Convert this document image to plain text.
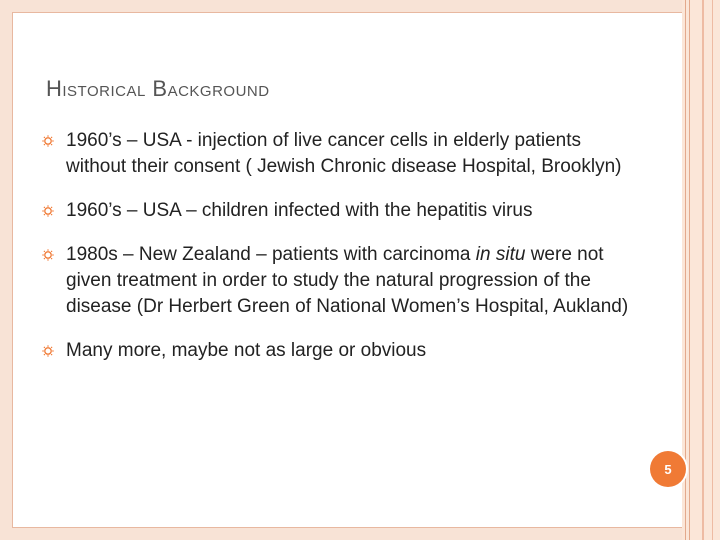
Historical Background
1960’s – USA - injection of live cancer cells in elderly patients without their consent ( Jewish Chronic disease Hospital, Brooklyn)
1960’s – USA – children infected with the hepatitis virus
1980s – New Zealand – patients with carcinoma in situ were not given treatment in order to study the natural progression of the disease (Dr Herbert Green of National Women’s Hospital, Aukland)
Many more, maybe not as large or obvious
5
